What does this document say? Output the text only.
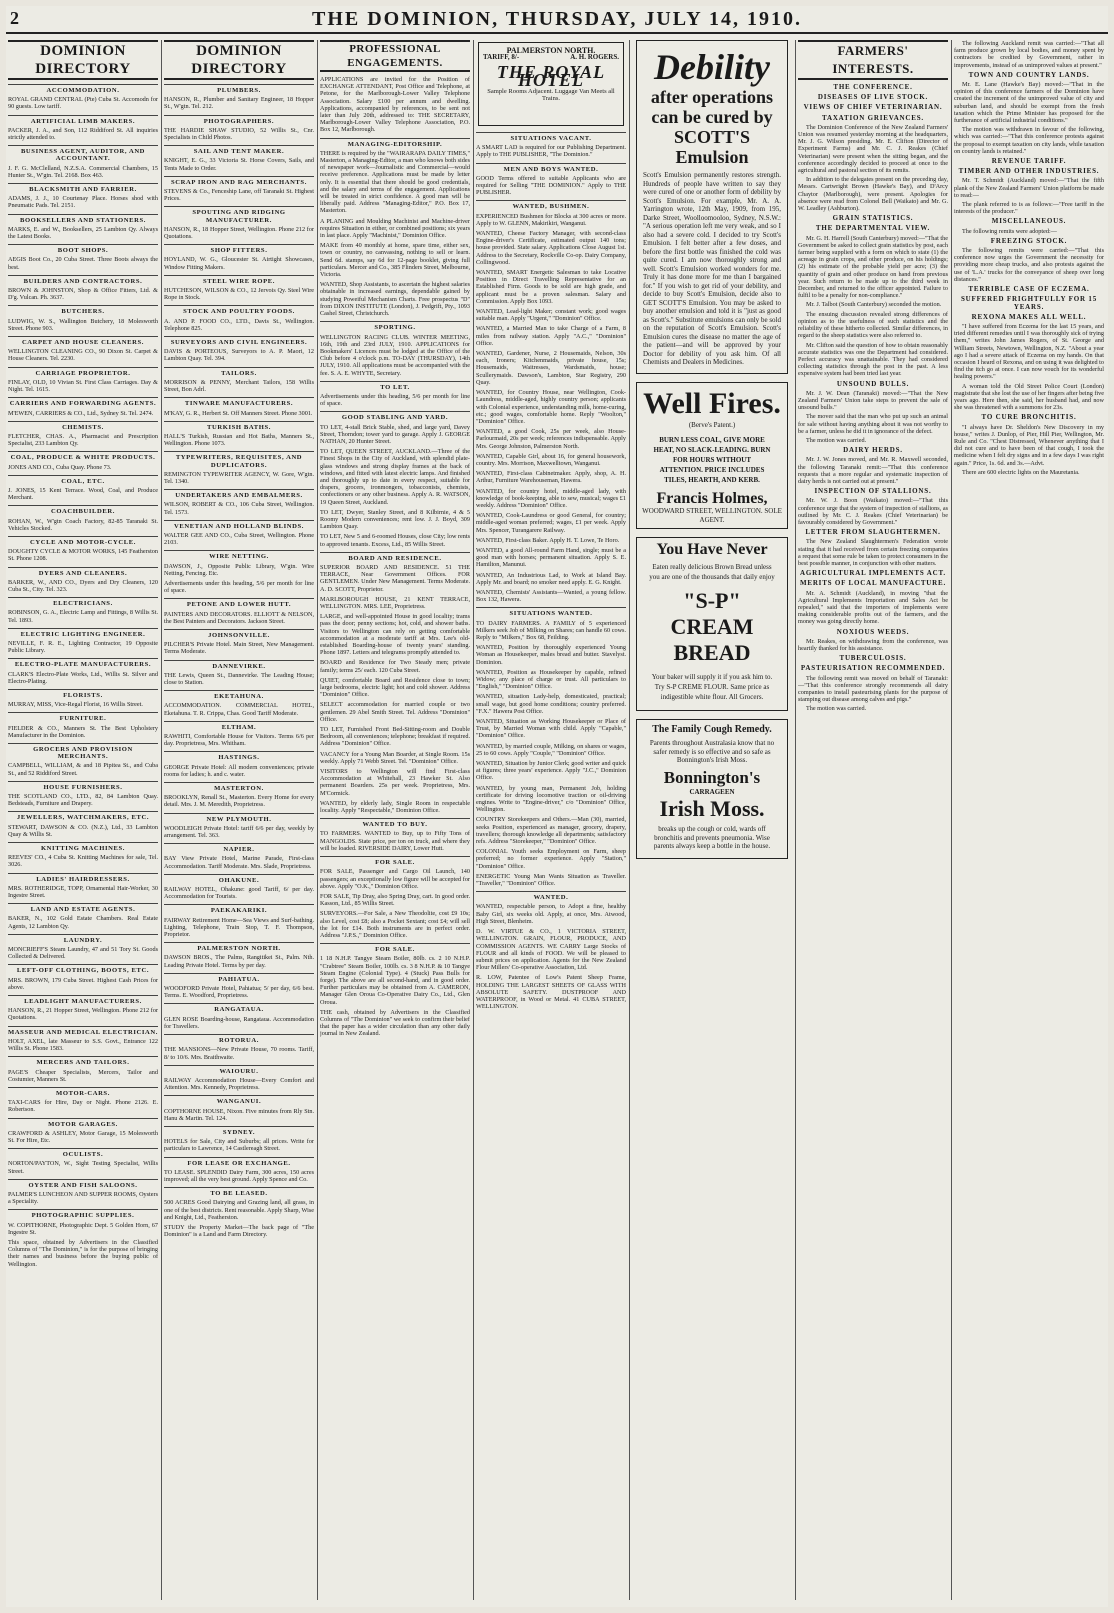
2	THE DOMINION, THURSDAY, JULY 14, 1910.
DOMINION DIRECTORY
ACCOMMODATION.
ROYAL GRAND CENTRAL (Pte) Cuba St. Accomodn for 90 guests. Low tariff.
ARTIFICIAL LIMB MAKERS.
PACKER, J. A., and Son, 112 Riddiford St. All inquiries strictly attended to.
BUSINESS AGENT, AUDITOR, AND ACCOUNTANT.
J. F. G. McClelland, N.Z.S.A. Commercial Chambers, 15 Hunter St., W'gtn. Tel. 2168. Box 463.
BLACKSMITH AND FARRIER.
ADAMS, J. J., 10 Courtenay Place. Horses shod with Pneumatic Pads. Tel. 2151.
BOOKSELLERS AND STATIONERS.
MARKS, E. and W., Booksellers, 25 Lambton Qy. Always the Latest Books.
BOOT SHOPS.
AEGIS Boot Co., 20 Cuba Street. Three Boots always the best.
BUILDERS AND CONTRACTORS.
BROWN & JOHNSTON, Shop & Office Fitters, Ltd. & D'g. Vulcan. Ph. 3637.
BUTCHERS.
LUDWIG, W. S., Wallington Butchery, 18 Molesworth Street. Phone 903.
CARPET AND HOUSE CLEANERS.
WELLINGTON CLEANING CO., 90 Dixon St. Carpet & House Cleaners. Tel. 2230.
CARRIAGE PROPRIETOR.
FINLAY, OLD, 10 Vivian St. First Class Carriages. Day & Night. Tel. 1615.
CARRIERS AND FORWARDING AGENTS.
M'EWEN, CARRIERS & CO., Ltd., Sydney St. Tel. 2474.
CHEMISTS.
FLETCHER, CHAS. A., Pharmacist and Prescription Specialist, 233 Lambton Qy.
COAL, PRODUCE & WHITE PRODUCTS.
JONES AND CO., Cuba Quay. Phone 73.
COAL, ETC.
J. JONES, 15 Kent Terrace. Wood, Coal, and Produce Merchant.
COACHBUILDER.
ROHAN, W., W'gtn Coach Factory, 82-85 Taranaki St. Vehicles Stocked.
CYCLE AND MOTOR-CYCLE.
DOUGHTY CYCLE & MOTOR WORKS, 145 Featherston St. Phone 1208.
DYERS AND CLEANERS.
BARKER, W., AND CO., Dyers and Dry Cleaners, 120 Cuba St., City. Tel. 323.
ELECTRICIANS.
ROBINSON, G. A., Electric Lamp and Fittings, 8 Willis St. Tel. 1893.
ELECTRIC LIGHTING ENGINEER.
NEVILLE, F. R. E., Lighting Contractor, 19 Opposite Public Library.
ELECTRO-PLATE MANUFACTURERS.
CLARK'S Electro-Plate Works, Ltd., Willis St. Silver and Electro-Plating.
FLORISTS.
MURRAY, MISS, Vice-Regal Florist, 16 Willis Street.
FURNITURE.
FIELDER & CO., Manners St. The Best Upholstery Manufacturer in the Dominion.
GROCERS AND PROVISION MERCHANTS.
CAMPBELL, WILLIAM, & and 18 Pipitea St., and Cuba St., and 52 Riddiford Street.
HOUSE FURNISHERS.
THE SCOTLAND CO., LTD., 82, 84 Lambton Quay. Bedsteads, Furniture and Drapery.
JEWELLERS, WATCHMAKERS, ETC.
STEWART, DAWSON & CO. (N.Z.), Ltd., 33 Lambton Quay & Willis St.
KNITTING MACHINES.
REEVES' CO., 4 Cuba St. Knitting Machines for sale, Tel. 3026.
LADIES' HAIRDRESSERS.
MRS. ROTHERIDGE, TOPP, Ornamental Hair-Worker, 30 Ingestre Street.
LAND AND ESTATE AGENTS.
BAKER, N., 102 Gold Estate Chambers. Real Estate Agents, 12 Lambton Qy.
LAUNDRY.
MONCRIEFF'S Steam Laundry, 47 and 51 Tory St. Goods Collected & Delivered.
LEFT-OFF CLOTHING, BOOTS, ETC.
MRS. BROWN, 179 Cuba Street. Highest Cash Prices for above.
LEADLIGHT MANUFACTURERS.
HANSON, R., 21 Hopper Street, Wellington. Phone 212 for Quotations.
MASSEUR AND MEDICAL ELECTRICIAN.
HOLT, AXEL, late Masseur to S.S. Govt., Entrance 122 Willis St. Phone 1583.
MERCERS AND TAILORS.
PAGE'S Cheaper Specialists, Mercers, Tailor and Costumier, Manners St.
MOTOR-CARS.
TAXI-CARS for Hire, Day or Night. Phone 2126. E. Robertson.
MOTOR GARAGES.
CRAWFORD & ASHLEY, Motor Garage, 15 Molesworth St. For Hire, Etc.
OCULISTS.
NORTON/PAYTON, W., Sight Testing Specialist, Willis Street.
OYSTER AND FISH SALOONS.
PALMER'S LUNCHEON AND SUPPER ROOMS, Oysters a Speciality.
PHOTOGRAPHIC SUPPLIES.
W. COPITHORNE, Photographic Dept. 5 Golden Horn, 67 Ingestre St.
This space, obtained by Advertisers in the Classified Columns of "The Dominion," is for the purpose of bringing their names and business before the buying public of Wellington.
DOMINION DIRECTORY
PLUMBERS.
HANSON, R., Plumber and Sanitary Engineer, 18 Hopper St., W'gtn. Tel. 212.
PHOTOGRAPHERS.
THE HARDIE SHAW STUDIO, 52 Willis St., Cnr. Specialists in Child Photos.
SAIL AND TENT MAKER.
KNIGHT, E. G., 33 Victoria St. Horse Covers, Sails, and Tents Made to Order.
SCRAP IRON AND RAG MERCHANTS.
STEVENS & Co., Fenceship Lane, off Taranaki St. Highest Prices.
SPOUTING AND RIDGING MANUFACTURER.
HANSON, R., 18 Hopper Street, Wellington. Phone 212 for Quotations.
SHOP FITTERS.
HOYLAND, W. G., Gloucester St. Airtight Showcases, Window Fitting Makers.
STEEL WIRE ROPE.
HUTCHESON, WILSON & CO., 12 Jervois Qy. Steel Wire Rope in Stock.
STOCK AND POULTRY FOODS.
A. AND P. FOOD CO., LTD., Davis St., Wellington. Telephone 825.
SURVEYORS AND CIVIL ENGINEERS.
DAVIS & PORTEOUS, Surveyors to A. P. Maori, 12 Lambton Quay. Tel. 394.
TAILORS.
MORRISON & PENNY, Merchant Tailors, 158 Willis Street, Bon Adrl.
TINWARE MANUFACTURERS.
M'KAY, G. R., Herbert St. Off Manners Street. Phone 3001.
TURKISH BATHS.
HALL'S Turkish, Russian and Hot Baths, Manners St., Wellington. Phone 1073.
TYPEWRITERS, REQUISITES, AND DUPLICATORS.
REMINGTON TYPEWRITER AGENCY, W. Gore, W'gtn. Tel. 1340.
UNDERTAKERS AND EMBALMERS.
WILSON, ROBERT & CO., 106 Cuba Street, Wellington. Tel. 1573.
VENETIAN AND HOLLAND BLINDS.
WALTER GEE AND CO., Cuba Street, Wellington. Phone 2103.
WIRE NETTING.
DAWSON, J., Opposite Public Library, W'gtn. Wire Netting, Fencing. Etc.
Advertisements under this heading, 5/6 per month for line of space.
PETONE AND LOWER HUTT.
PAINTERS AND DECORATORS. ELLIOTT & NELSON, the Best Painters and Decorators. Jackson Street.
JOHNSONVILLE.
PILCHER'S Private Hotel. Main Street, New Management. Terms Moderate.
DANNEVIRKE.
THE Lewis, Queen St., Dannevirke. The Leading House; close to Station.
EKETAHUNA.
ACCOMMODATION. COMMERCIAL HOTEL, Eketahuna. T. R. Crippa, Chas. Good Tariff Moderate.
ELTHAM.
RAWHITI, Comfortable House for Visitors. Terms 6/6 per day. Proprietress, Mrs. Whitham.
HASTINGS.
GEORGE Private Hotel: All modern conveniences; private rooms for ladies; h. and c. water.
MASTERTON.
BROOKLYN, Renall St., Masterton. Every Home for every detail. Mrs. J. M. Meredith, Proprietress.
NEW PLYMOUTH.
WOODLEIGH Private Hotel: tariff 6/6 per day, weekly by arrangement. Tel. 363.
NAPIER.
BAY View Private Hotel, Marine Parade, First-class Accommodation. Tariff Moderate. Mrs. Slade, Proprietress.
OHAKUNE.
RAILWAY HOTEL, Ohakune: good Tariff, 6/ per day. Accommodation for Tourists.
PAEKAKARIKI.
FAIRWAY Retirement Home—Sea Views and Surf-bathing. Lighting, Telephone, Train Stop, T. F. Thompson, Proprietor.
PALMERSTON NORTH.
DAWSON BROS., The Palms, Rangitikei St., Palm. Nth. Leading Private Hotel. Terms by per day.
PAHIATUA.
WOODFORD Private Hotel, Pahiatua; 5/ per day, 6/6 best. Terms. E. Woodford, Proprietress.
RANGATAUA.
GLEN ROSE Boarding-house, Rangataua. Accommodation for Travellers.
ROTORUA.
THE MANSIONS—New Private House, 70 rooms. Tariff, 8/ to 10/6. Mrs. Braithwaite.
WAIOURU.
RAILWAY Accommodation House—Every Comfort and Attention. Mrs. Kennedy, Proprietress.
WANGANUI.
COPTHORNE HOUSE, Nixon. Five minutes from Rly Stn. Hanu & Martin. Tel. 124.
SYDNEY.
HOTELS for Sale, City and Suburbs; all prices. Write for particulars to Lawrence, 14 Castlereagh Street.
FOR LEASE OR EXCHANGE.
TO LEASE. SPLENDID Dairy Farm, 300 acres, 150 acres improved; all the very best ground. Apply Spence and Co.
TO BE LEASED.
500 ACRES Good Dairying and Grazing land, all grass, in one of the best districts. Rent reasonable. Apply Sharp, Wise and Knight, Ltd., Featherston.
STUDY the Property Market—The back page of "The Dominion" is a Land and Farm Directory.
PROFESSIONAL ENGAGEMENTS.
APPLICATIONS are invited for the Position of EXCHANGE ATTENDANT, Post Office and Telephone, at Petone, for the Marlborough-Lower Valley Telephone Association. Salary £100 per annum and dwelling. Applications, accompanied by references, to be sent not later than July 20th, addressed to: THE SECRETARY, Marlborough-Lower Valley Telephone Association, P.O. Box 12, Marlborough.
MANAGING-EDITORSHIP.
THERE is required by the "WAIRARAPA DAILY TIMES," Masterton, a Managing-Editor, a man who knows both sides of newspaper work—Journalistic and Commercial—would receive preference. Applications must be made by letter only. It is essential that there should be good credentials, and the salary and terms of the engagement. Applications will be treated in strict confidence. A good man will be liberally paid. Address "Managing-Editor," P.O. Box 17, Masterton.
A PLANING and Moulding Machinist and Machine-driver requires Situation in either, or combined positions; six years in last place. Apply "Machinist," Dominion Office.
MAKE from 40 monthly at home, spare time, either sex, town or country, no canvassing, nothing to sell or learn. Send 6d. stamps, say 6d for 12-page booklet, giving full particulars. Mercer and Co., 385 Flinders Street, Melbourne, Victoria.
WANTED, Shop Assistants, to ascertain the highest salaries obtainable in increased earnings, dependable gained by studying Poweiful Mechanism Charts. Free prospectus "D" from DIXON INSTITUTE (London), J. Pedgrift, Pty., 1093 Cashel Street, Christchurch.
SPORTING.
WELLINGTON RACING CLUB. WINTER MEETING, 16th, 19th and 23rd JULY, 1910. APPLICATIONS for Bookmakers' Licences must be lodged at the Office of the Club before 4 o'clock p.m. TO-DAY (THURSDAY), 14th JULY, 1910. All applications must be accompanied with the fee. S. A. E. WHYTE, Secretary.
TO LET.
Advertisements under this heading, 5/6 per month for line of space.
GOOD STABLING AND YARD.
TO LET, 4-stall Brick Stable, shed, and large yard, Davey Street, Thorndon; tower yard to garage. Apply J. GEORGE NATHAN, 20 Hunter Street.
TO LET, QUEEN STREET, AUCKLAND.—Three of the Finest Shops in the City of Auckland, with splendid plate-glass windows and strong display frames at the back of windows, and fitted with latest electric lamps. And finished and thoroughly up to date in every respect, suitable for drapers, grocers, ironmongers, tobacconists, chemists, confectioners or any other business. Apply A. R. WATSON, 19 Queen Street, Auckland.
TO LET, Dwyer, Stanley Street, and 8 Kilbirnie, 4 & 5 Roomy Modern conveniences; rent low. J. J. Boyd, 309 Lambton Quay.
TO LET, New 5 and 6-roomed Houses, close City; low rents to approved tenants. Excess, Ltd., 85 Willis Street.
BOARD AND RESIDENCE.
SUPERIOR BOARD AND RESIDENCE. 51 THE TERRACE, Near Government Offices. FOR GENTLEMEN. Under New Management. Terms Moderate. A. D. SCOTT, Proprietor.
MARLBOROUGH HOUSE, 21 KENT TERRACE, WELLINGTON. MRS. LEE, Proprietress.
LARGE, and well-appointed House in good locality; trams pass the door; penny sections; hot, cold, and shower baths. Visitors to Wellington can rely on getting comfortable accommodation at a moderate tariff at Mrs. Lee's old-established Boarding-house of twenty years' standing. Phone 1897. Letters and telegrams promptly attended to.
BOARD and Residence for Two Steady men; private family; terms 25/ each. 120 Cuba Street.
QUIET, comfortable Board and Residence close to town; large bedrooms, electric light; hot and cold shower. Address "Dominion" Office.
SELECT accommodation for married couple or two gentlemen. 29 Abel Smith Street. Tel. Address "Dominion" Office.
TO LET, Furnished Front Bed-Sitting-room and Double Bedroom, all conveniences; telephone; breakfast if required. Address "Dominion" Office.
VACANCY for a Young Man Boarder, at Single Room. 15s weekly. Apply 71 Webb Street. Tel. "Dominion" Office.
VISITORS to Wellington will find First-class Accommodation at Whitehall, 23 Hawker St. Also permanent Boarders. 25s per week. Proprietress, Mrs. M'Cormick.
WANTED, by elderly lady, Single Room in respectable locality. Apply "Respectable," Dominion Office.
WANTED TO BUY.
TO FARMERS. WANTED to Buy, up to Fifty Tons of MANGOLDS. State price, per ton on truck, and where they will be loaded. RIVERSIDE DAIRY, Lower Hutt.
FOR SALE.
FOR SALE, Passenger and Cargo Oil Launch, 140 passengers; an exceptionally low figure will be accepted for above. Apply "O.K.," Dominion Office.
FOR SALE, Tip Dray, also Spring Dray, cart. In good order. Kasson, Ltd., 85 Willis Street.
SURVEYORS.—For Sale, a New Theodolite, cost £9 10s; also Level, cost £8; also a Pocket Sextant; cost £4; will sell the lot for £14. Both instruments are in perfect order. Address "J.P.S.," Dominion Office.
FOR SALE.
1 18 N.H.P. Tangye Steam Boiler, 80lb. cs. 2 10 N.H.P. "Crabtree" Steam Boiler, 100lb. cs. 3 8 N.H.P. & 10 Tangye Steam Engine (Colonial Type). 4 (Stuck) Pass Bulls for forge). The above are all second-hand, and in good order. Further particulars may be obtained from A. CAMERON, Manager Glen Oroua Co-Operative Dairy Co., Ltd., Glen Oroua.
THE cash, obtained by Advertisers in the Classified Columns of "The Dominion" we seek to confirm their belief that the paper has a wider circulation than any other daily journal in New Zealand.
PALMERSTON NORTH.
TARIFF, 8/-	A. H. ROGERS.
THE ROYAL HOTEL
Sample Rooms Adjacent. Luggage Van Meets all Trains.
SITUATIONS VACANT.
A SMART LAD is required for our Publishing Department. Apply to THE PUBLISHER, "The Dominion."
MEN AND BOYS WANTED.
GOOD Terms offered to suitable Applicants who are required for Selling "THE DOMINION." Apply to THE PUBLISHER.
WANTED, BUSHMEN.
EXPERIENCED Bushmen for Blocks at 300 acres or more. Apply to W. GLENN, Makirikiri, Wanganui.
WANTED, Cheese Factory Manager, with second-class Engine-driver's Certificate, estimated output 140 tons; house provided. State salary. Applications Close August 1st. Address to the Secretary, Rockville Co-op. Dairy Company, Collingwood.
WANTED, SMART Energetic Salesman to take Locative Position in Direct Travelling Representative for an Established Firm. Goods to be sold are high grade, and applicant must be a proven salesman. Salary and Commission. Apply Box 1093.
WANTED, Lead-light Maker; constant work; good wages suitable man. Apply "Urgent," "Dominion" Office.
WANTED, a Married Man to take Charge of a Farm, 8 miles from railway station. Apply "A.C.," "Dominion" Office.
WANTED, Gardener, Nurse, 2 Housemaids, Nelson, 30s each, Ironers; Kitchenmaids, private house, 15s; Housemaids, Waitresses, Wardsmaids, house; Scullerymaids. Dawson's, Lambton, Star Registry, 290 Quay.
WANTED, for Country House, near Wellington, Cook-Laundress, middle-aged, highly country person; applicants with Colonial experience, understanding milk, home-curing, etc.; good wages, comfortable home. Reply "Woolton," "Dominion" Office.
WANTED, a good Cook, 25s per week, also House-Parlourmaid, 20s per week; references indispensable. Apply Mrs. George Johnston, Palmerston North.
WANTED, Capable Girl, about 16, for general housework, country. Mrs. Morrison, Maxwelltown, Wanganui.
WANTED, First-class Cabinetmaker. Apply, shop, A. H. Arthur, Furniture Warehouseman, Hawera.
WANTED, for country hotel, middle-aged lady, with knowledge of book-keeping, able to sew, musical; wages £1 weekly. Address "Dominion" Office.
WANTED, Cook-Laundress or good General, for country; middle-aged woman preferred; wages, £1 per week. Apply Mrs. Spencer, Turangarere Railway.
WANTED, First-class Baker. Apply H. T. Lowe, Te Horo.
WANTED, a good All-round Farm Hand, single; must be a good man with horses; permanent situation. Apply S. E. Hamilton, Manunui.
WANTED, An Industrious Lad, to Work at Island Bay. Apply Mr. and board; no smoker need apply. E. G. Knight.
WANTED, Chemists' Assistants—Wanted, a young fellow. Box 132, Hawera.
SITUATIONS WANTED.
TO DAIRY FARMERS. A FAMILY of 5 experienced Milkers seek Job of Milking on Shares; can handle 60 cows. Reply to "Milkers," Box 68, Feilding.
WANTED, Position by thoroughly experienced Young Woman as Housekeeper, males bread and butter. Stavelyst. Dominion.
WANTED, Position as Housekeeper by capable, refined Widow; any place of charge or trust. All particulars to "English," "Dominion" Office.
WANTED, situation Lady-help, domesticated, practical; small wage, but good home conditions; country preferred. "F.X." Hawera Post Office.
WANTED, Situation as Working Housekeeper or Place of Trust, by Married Woman with child. Apply "Capable," "Dominion" Office.
WANTED, by married couple, Milking, on shares or wages, 25 to 60 cows. Apply "Couple," "Dominion" Office.
WANTED, Situation by Junior Clerk; good writer and quick at figures; three years' experience. Apply "J.C.," Dominion Office.
WANTED, by young man, Permanent Job, holding certificate for driving locomotive traction or oil-driving engines. Write to "Engine-driver," c/o "Dominion" Office, Wellington.
COUNTRY Storekeepers and Others.—Man (30), married, seeks Position, experienced as manager, grocery, drapery, travellers; thorough knowledge all departments; satisfactory refs. Address "Storekeeper," "Dominion" Office.
COLONIAL Youth seeks Employment on Farm, sheep preferred; no former experience. Apply "Station," "Dominion" Office.
ENERGETIC Young Man Wants Situation as Traveller. "Traveller," "Dominion" Office.
WANTED.
WANTED, respectable person, to Adopt a fine, healthy Baby Girl, six weeks old. Apply, at once, Mrs. Atwood, High Street, Blenheim.
D. W. VIRTUE & CO., 1 VICTORIA STREET, WELLINGTON. GRAIN, FLOUR, PRODUCE, AND COMMISSION AGENTS. WE CARRY Large Stocks of FLOUR and all kinds of FOOD. We will be pleased to submit prices on application. Agents for the New Zealand Flour Millers' Co-operative Association, Ltd.
R. LOW, Patentee of Low's Patent Sheep Frame, HOLDING THE LARGEST SHEETS OF GLASS WITH ABSOLUTE SAFETY. DUSTPROOF AND WATERPROOF, in Wood or Metal. 41 CUBA STREET, WELLINGTON.
Debility
after operations can be cured by SCOTT'S Emulsion
Scott's Emulsion permanently restores strength. Hundreds of people have written to say they were cured of one or another form of debility by Scott's Emulsion. For example, Mr. A. A. Yarrington wrote, 12th May, 1909, from 195, Darke Street, Woolloomooloo, Sydney, N.S.W.: "A serious operation left me very weak, and so I also had a severe cold. I decided to try Scott's Emulsion. I felt better after a few doses, and before the first bottle was finished the cold was quite cured. I am now thoroughly strong and well. Scott's Emulsion worked wonders for me. Truly it has done more for me than I bargained for." If you wish to get rid of your debility, and decide to buy Scott's Emulsion, decide also to GET SCOTT'S Emulsion. You may be asked to buy another emulsion and told it is "just as good as Scott's." Substitute emulsions can only be sold on the reputation of Scott's Emulsion. Scott's Emulsion cures the disease no matter the age of the patient—and will be approved by your Doctor for debility of you ask him. Of all Chemists and Dealers in Medicines.
Well Fires.
(Berve's Patent.)
BURN LESS COAL, GIVE MORE HEAT, NO SLACK-LEADING. BURN FOR HOURS WITHOUT ATTENTION. PRICE INCLUDES TILES, HEARTH, AND KERB.
Francis Holmes,
WOODWARD STREET, WELLINGTON. SOLE AGENT.
You Have Never
Eaten really delicious Brown Bread unless you are one of the thousands that daily enjoy
"S-P" CREAM BREAD
Your baker will supply it if you ask him to. Try S-P CREME FLOUR. Same price as indigestible white flour. All Grocers.
The Family Cough Remedy.
Parents throughout Australasia know that no safer remedy is so effective and so safe as Bonnington's Irish Moss.
Bonnington's
CARRAGEEN
Irish Moss.
breaks up the cough or cold, wards off bronchitis and prevents pneumonia. Wise parents always keep a bottle in the house.
FARMERS' INTERESTS.
THE CONFERENCE.
DISEASES OF LIVE STOCK.
VIEWS OF CHIEF VETERINARIAN.
TAXATION GRIEVANCES.
The Dominion Conference of the New Zealand Farmers' Union was resumed yesterday morning at the headquarters, Mr. J. G. Wilson presiding. Mr. E. Clifton (Director of Experiment Farms) and Mr. C. J. Reakes (Chief Veterinarian) were present when the sitting began, and the conference accordingly decided to proceed at once to the agricultural and pastoral section of its remits.
In addition to the delegates present on the preceding day, Messrs. Cartwright Brown (Hawke's Bay), and D'Arcy Chaytor (Marlborough), were present. Apologies for absence were read from Colonel Bell (Waikato) and Mr. G. W. Leadley (Ashburton).
GRAIN STATISTICS.
THE DEPARTMENTAL VIEW.
Mr. G. H. Harrell (South Canterbury) moved:—"That the Government be asked to collect grain statistics by post, each farmer being supplied with a form on which to state (1) the acreage in grain crops, and other produce, on his holdings; (2) his estimate of the probable yield per acre; (3) the quantity of grain and other produce on hand from previous year. Such return to be made up to the third week in December, and returned to the officer appointed. Failure to fulfil to be a penalty for non-compliance."
Mr. J. Talbot (South Canterbury) seconded the motion.
The ensuing discussion revealed strong differences of opinion as to the usefulness of such statistics and the reliability of these hitherto collected. Similar differences, in regard to the sheep statistics were also referred to.
Mr. Clifton said the question of how to obtain reasonably accurate statistics was one the Department had considered. Perfect accuracy was unattainable. They had considered collecting statistics through the post in the past. A less expensive system had been tried last year.
UNSOUND BULLS.
Mr. J. W. Dean (Taranaki) moved:—"That the New Zealand Farmers' Union take steps to prevent the sale of unsound bulls."
The mover said that the man who put up such an animal for sale without having anything about it was not worthy to be a farmer, unless he did it in ignorance of the defect.
The motion was carried.
DAIRY HERDS.
Mr. J. W. Jones moved, and Mr. R. Maxwell seconded, the following Taranaki remit:—"That this conference requests that a more regular and systematic inspection of dairy herds is not carried out at present."
INSPECTION OF STALLIONS.
Mr. W. J. Boon (Waikato) moved:—"That this conference urge that the system of inspection of stallions, as outlined by Mr. C. J. Reakes (Chief Veterinarian) be favourably considered by Government."
LETTER FROM SLAUGHTERMEN.
The New Zealand Slaughtermen's Federation wrote stating that it had received from certain freezing companies a request that some rule be taken to protect consumers in the best possible manner, in conjunction with other matters.
AGRICULTURAL IMPLEMENTS ACT.
MERITS OF LOCAL MANUFACTURE.
Mr. A. Schmidt (Auckland), in moving "that the Agricultural Implements Importation and Sales Act be repealed," said that the importers of implements were making considerable profits out of the farmers, and the money was going directly home.
NOXIOUS WEEDS.
Mr. Reakes, on withdrawing from the conference, was heartily thanked for his assistance.
TUBERCULOSIS.
PASTEURISATION RECOMMENDED.
The following remit was moved on behalf of Taranaki:—"That this conference strongly recommends all dairy companies to install pasteurising plants for the purpose of stamping out disease among calves and pigs."
The motion was carried.
The following Auckland remit was carried:—"That all farm produce grown by local bodies, and money spent by contractors be credited by Government, rather in improvements, instead of as unimproved values at present."
TOWN AND COUNTRY LANDS.
Mr. E. Lane (Hawke's Bay) moved:—"That in the opinion of this conference farmers of the Dominion have created the increment of the unimproved value of city and suburban land, and should be exempt from the fresh taxation which the Prime Minister has proposed for the furtherance of artificial industrial conditions."
The motion was withdrawn in favour of the following, which was carried:—"That this conference protests against the proposal to exempt taxation on city lands, while taxation on country lands is retained."
REVENUE TARIFF.
TIMBER AND OTHER INDUSTRIES.
Mr. T. Schmidt (Auckland) moved:—"That the fifth plank of the New Zealand Farmers' Union platform be made to read:—
The plank referred to is as follows:—"Free tariff in the interests of the producer."
MISCELLANEOUS.
The following remits were adopted:—
FREEZING STOCK.
The following remits were carried:—"That this conference now urges the Government the necessity for providing more cheap trucks, and also protests against the use of 'L.A.' trucks for the conveyance of sheep over long distances."
TERRIBLE CASE OF ECZEMA.
SUFFERED FRIGHTFULLY FOR 15 YEARS.
REXONA MAKES ALL WELL.
"I have suffered from Eczema for the last 15 years, and tried different remedies until I was thoroughly sick of trying them," writes John James Rogers, of St. George and William Streets, Newtown, Wellington, N.Z. "About a year ago I had a severe attack of Eczema on my hands. On that occasion I heard of Rexona, and on using it was delighted to find the itch go at once. I can now vouch for its wonderful healing powers."
A woman told the Old Street Police Court (London) magistrate that she lost the use of her fingers after being five years ago. Here then, she said, her husband had, and now she was threatened with a summons for 23s.
TO CURE BRONCHITIS.
"I always have Dr. Sheldon's New Discovery in my house," writes J. Dunlop, of Pier, Hill Pier, Wellington, Mr. Rule and Co. "Chest Distressed, Whenever anything that I did not cure and to have been of that cough, I took the medicine when I felt dry signs and in a few days I was right again." Price, 1s. 6d. and 3s.—Advt.
There are 600 electric lights on the Mauretania.
